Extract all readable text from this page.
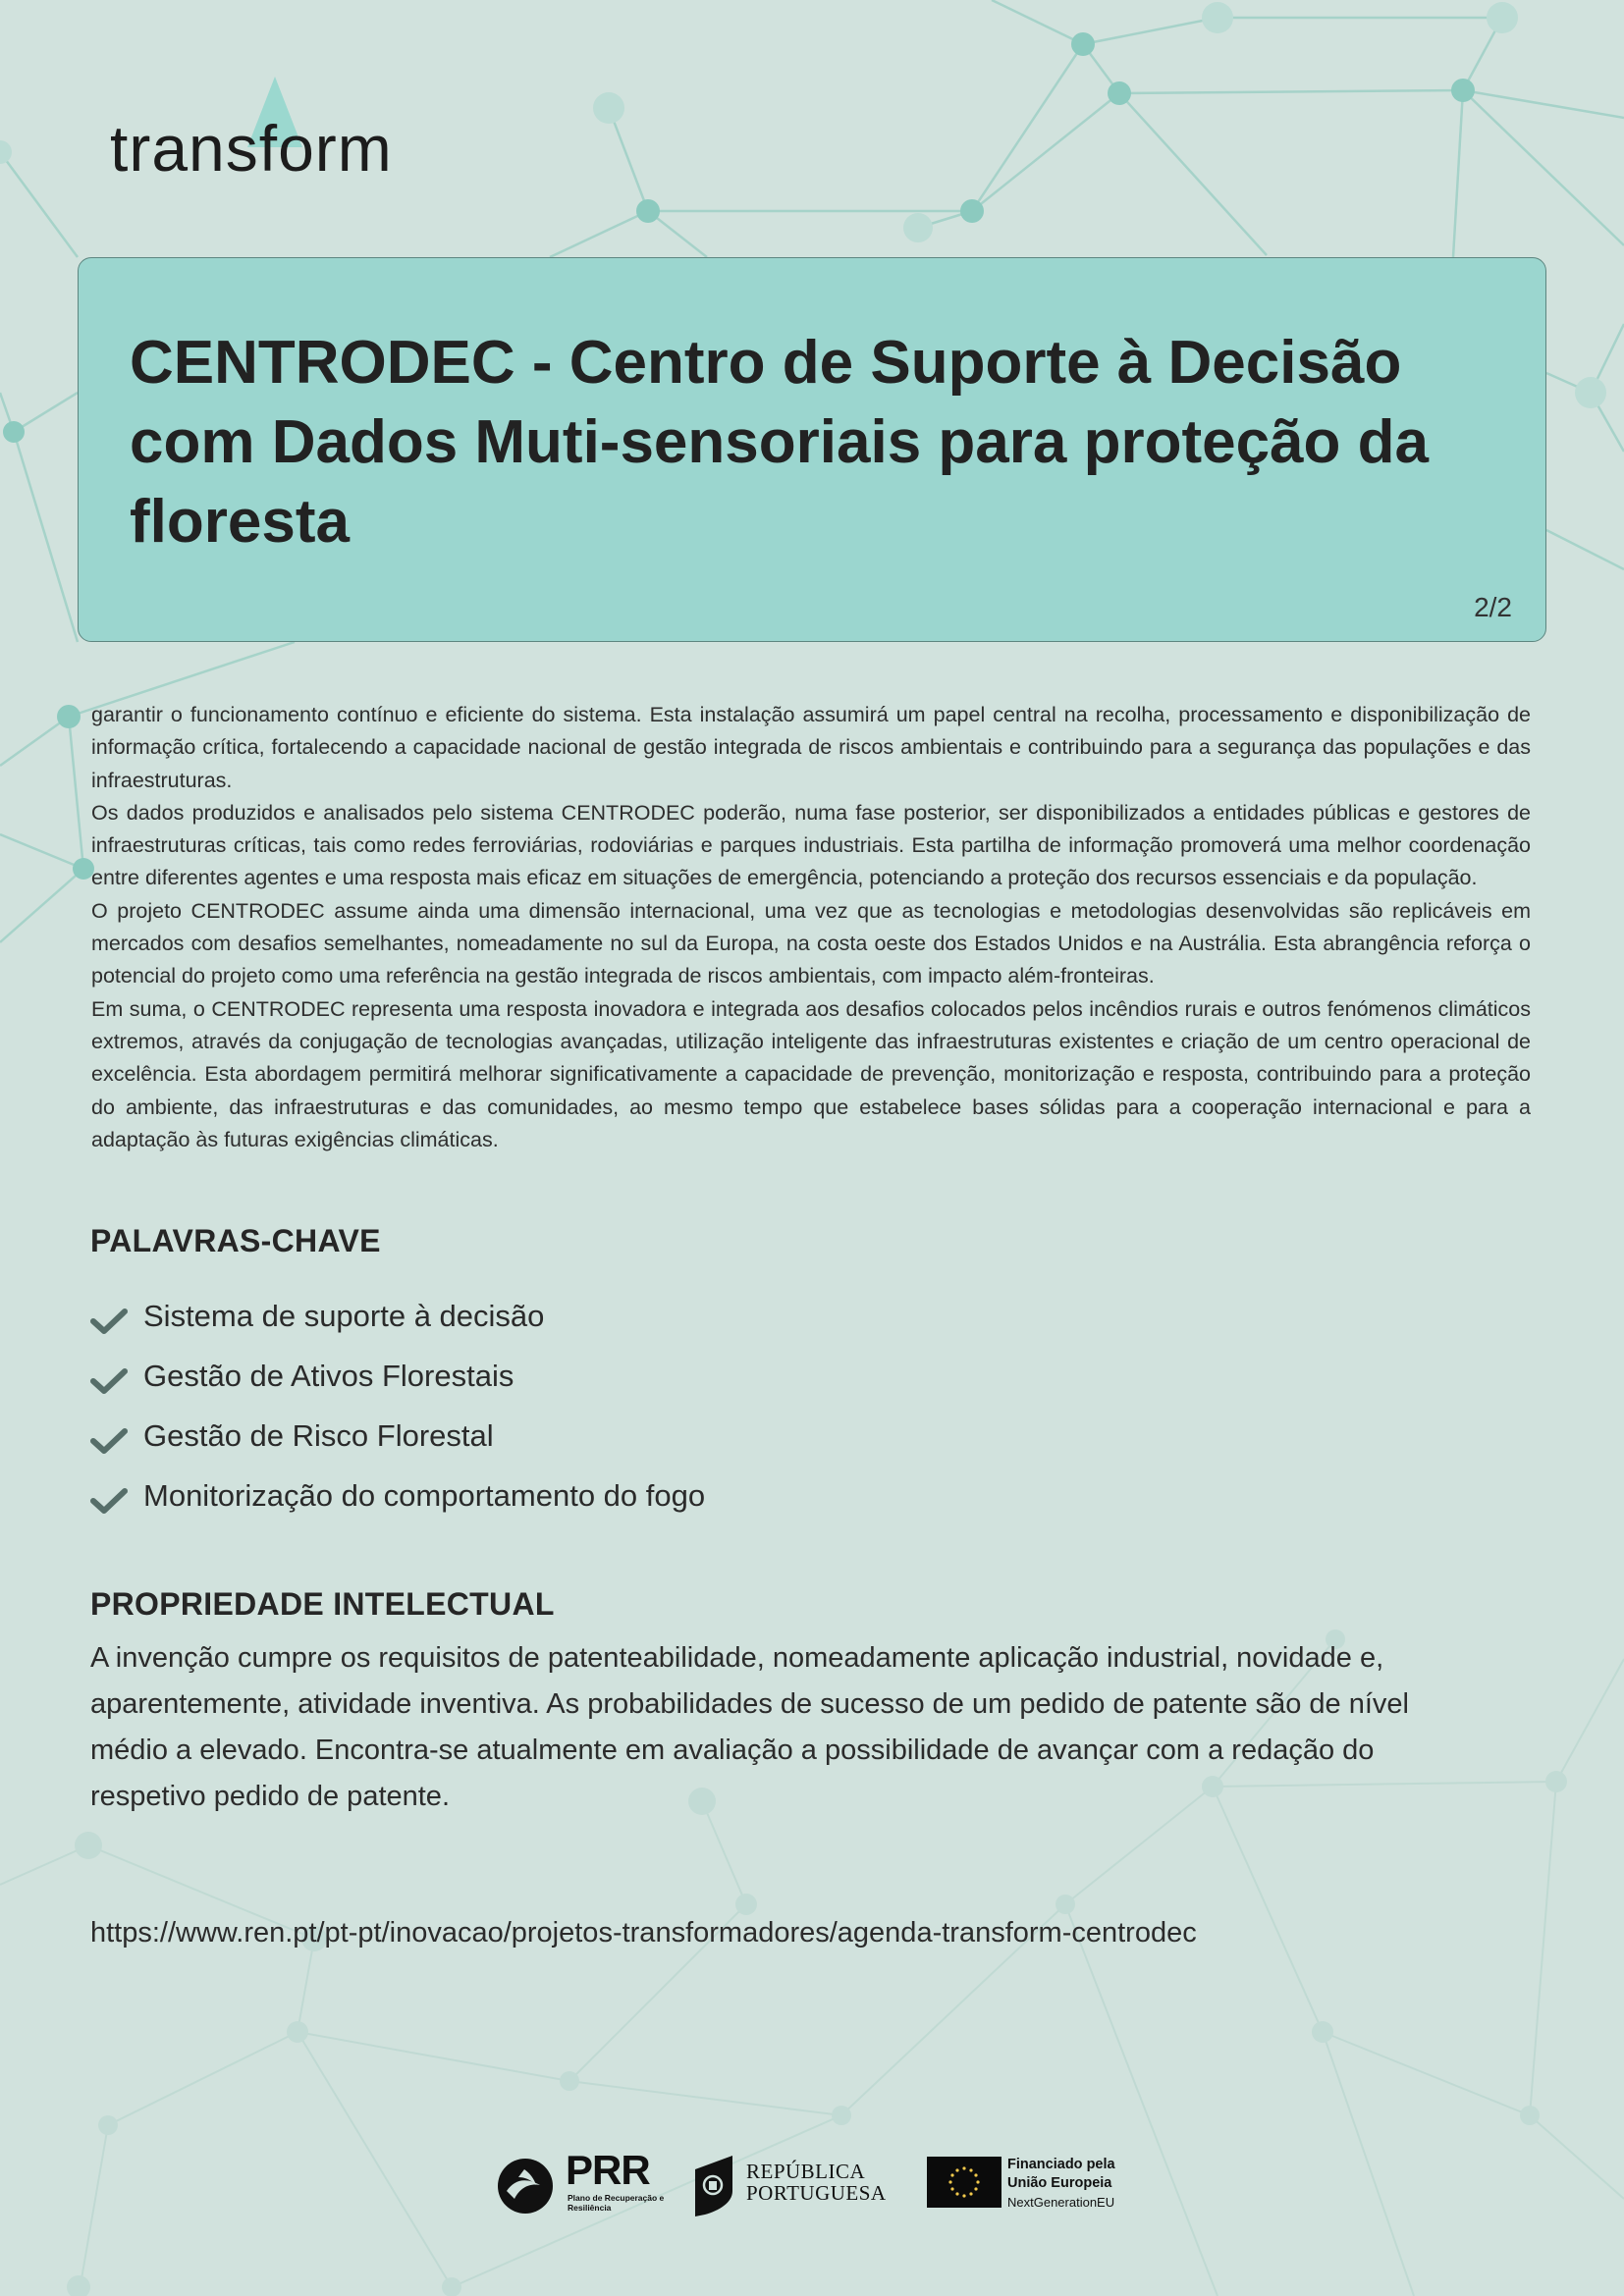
transform
CENTRODEC - Centro de Suporte à Decisão com Dados Muti-sensoriais para proteção da floresta
2/2

garantir o funcionamento contínuo e eficiente do sistema. Esta instalação assumirá um papel central na recolha, processamento e disponibilização de informação crítica, fortalecendo a capacidade nacional de gestão integrada de riscos ambientais e contribuindo para a segurança das populações e das infraestruturas.

Os dados produzidos e analisados pelo sistema CENTRODEC poderão, numa fase posterior, ser disponibilizados a entidades públicas e gestores de infraestruturas críticas, tais como redes ferroviárias, rodoviárias e parques industriais. Esta partilha de informação promoverá uma melhor coordenação entre diferentes agentes e uma resposta mais eficaz em situações de emergência, potenciando a proteção dos recursos essenciais e da população.

O projeto CENTRODEC assume ainda uma dimensão internacional, uma vez que as tecnologias e metodologias desenvolvidas são replicáveis em mercados com desafios semelhantes, nomeadamente no sul da Europa, na costa oeste dos Estados Unidos e na Austrália. Esta abrangência reforça o potencial do projeto como uma referência na gestão integrada de riscos ambientais, com impacto além-fronteiras.

Em suma, o CENTRODEC representa uma resposta inovadora e integrada aos desafios colocados pelos incêndios rurais e outros fenómenos climáticos extremos, através da conjugação de tecnologias avançadas, utilização inteligente das infraestruturas existentes e criação de um centro operacional de excelência. Esta abordagem permitirá melhorar significativamente a capacidade de prevenção, monitorização e resposta, contribuindo para a proteção do ambiente, das infraestruturas e das comunidades, ao mesmo tempo que estabelece bases sólidas para a cooperação internacional e para a adaptação às futuras exigências climáticas.

PALAVRAS-CHAVE
Sistema de suporte à decisão
Gestão de Ativos Florestais
Gestão de Risco Florestal
Monitorização do comportamento do fogo
PROPRIEDADE INTELECTUAL

A invenção cumpre os requisitos de patenteabilidade, nomeadamente aplicação industrial, novidade e, aparentemente, atividade inventiva. As probabilidades de sucesso de um pedido de patente são de nível médio a elevado. Encontra-se atualmente em avaliação a possibilidade de avançar com a redação do respetivo pedido de patente.

https://www.ren.pt/pt-pt/inovacao/projetos-transformadores/agenda-transform-centrodec
PRR
Plano de Recuperação e Resiliência
REPÚBLICA
PORTUGUESA
Financiado pela
União Europeia
NextGenerationEU
